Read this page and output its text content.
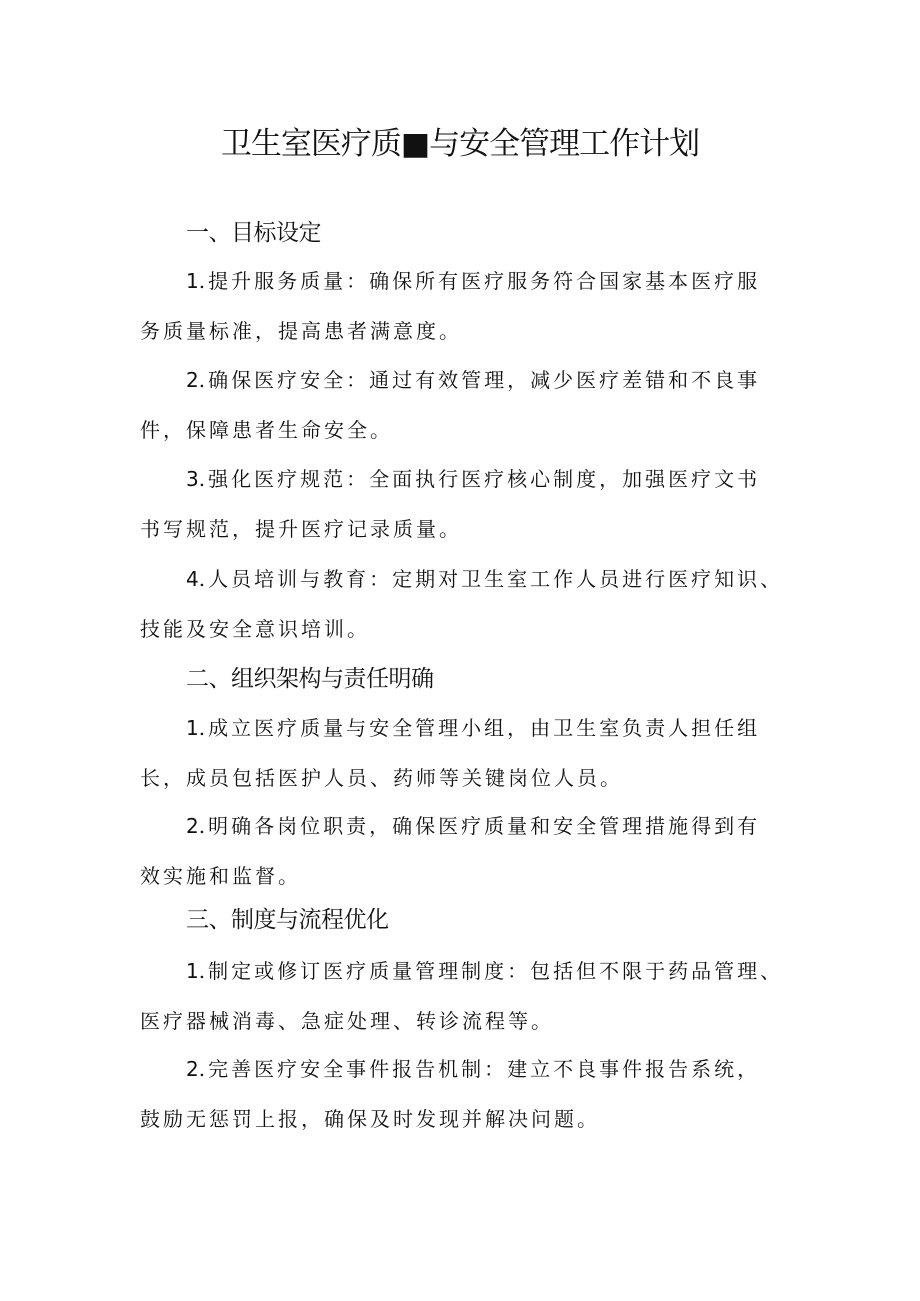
卫生室医疗质■与安全管理工作计划
一、目标设定

1.提升服务质量：确保所有医疗服务符合国家基本医疗服
务质量标准，提高患者满意度。

2.确保医疗安全：通过有效管理，减少医疗差错和不良事
件，保障患者生命安全。

3.强化医疗规范：全面执行医疗核心制度，加强医疗文书
书写规范，提升医疗记录质量。

4.人员培训与教育：定期对卫生室工作人员进行医疗知识、
技能及安全意识培训。

二、组织架构与责任明确

1.成立医疗质量与安全管理小组，由卫生室负责人担任组
长，成员包括医护人员、药师等关键岗位人员。

2.明确各岗位职责，确保医疗质量和安全管理措施得到有
效实施和监督。

三、制度与流程优化

1.制定或修订医疗质量管理制度：包括但不限于药品管理、
医疗器械消毒、急症处理、转诊流程等。

2.完善医疗安全事件报告机制：建立不良事件报告系统，
鼓励无惩罚上报，确保及时发现并解决问题。
